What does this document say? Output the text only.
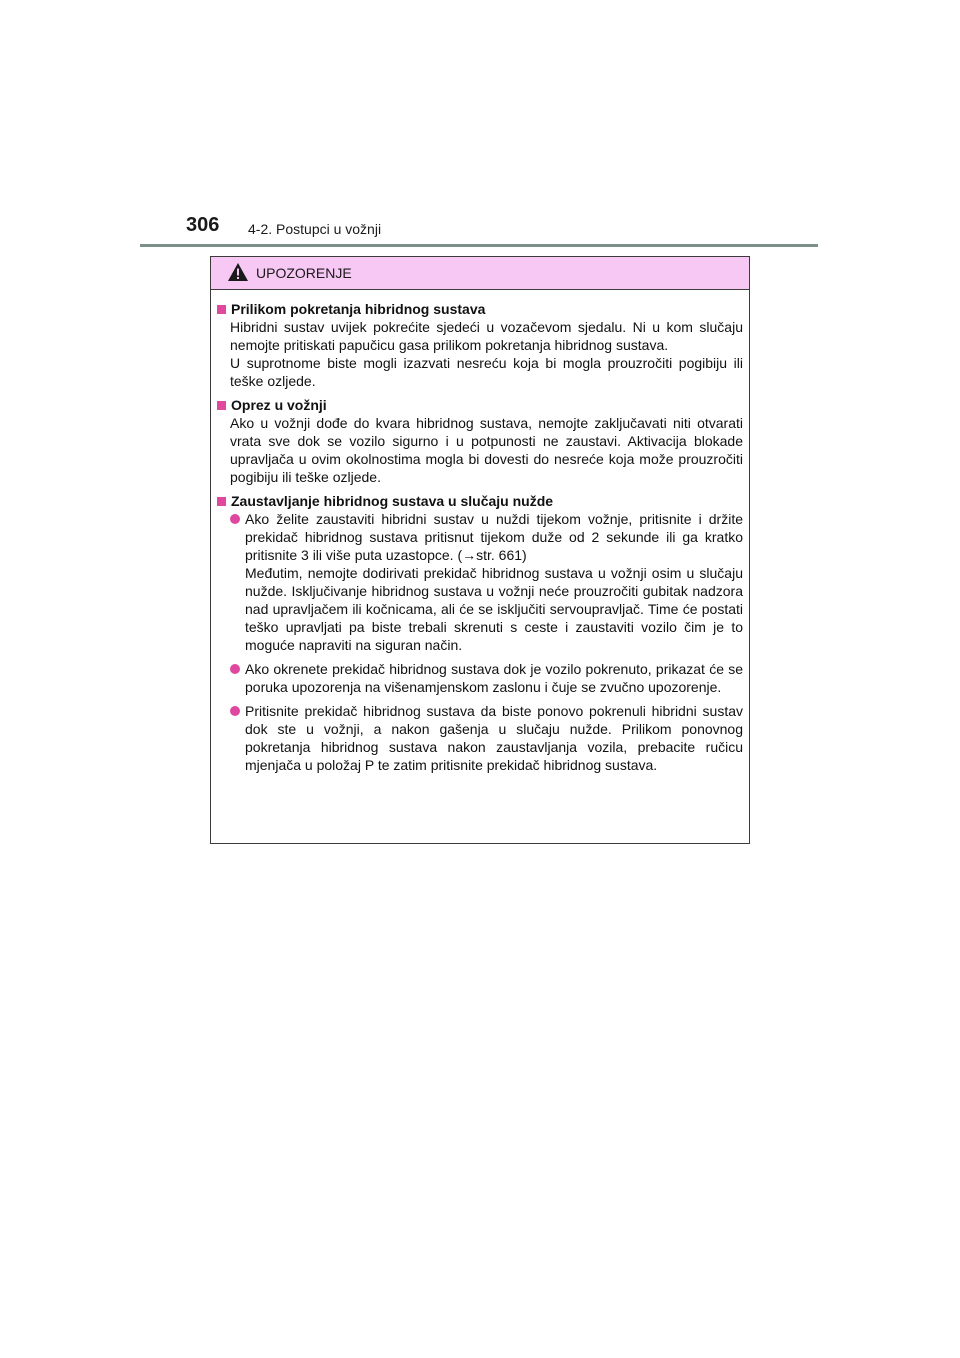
306 4-2. Postupci u vožnji
UPOZORENJE
Prilikom pokretanja hibridnog sustava
Hibridni sustav uvijek pokrećite sjedeći u vozačevom sjedalu. Ni u kom slučaju nemojte pritiskati papučicu gasa prilikom pokretanja hibridnog sustava.
U suprotnome biste mogli izazvati nesreću koja bi mogla prouzročiti pogibiju ili teške ozljede.
Oprez u vožnji
Ako u vožnji dođe do kvara hibridnog sustava, nemojte zaključavati niti otvarati vrata sve dok se vozilo sigurno i u potpunosti ne zaustavi. Aktivacija blokade upravljača u ovim okolnostima mogla bi dovesti do nesreće koja može prouzročiti pogibiju ili teške ozljede.
Zaustavljanje hibridnog sustava u slučaju nužde
Ako želite zaustaviti hibridni sustav u nuždi tijekom vožnje, pritisnite i držite prekidač hibridnog sustava pritisnut tijekom duže od 2 sekunde ili ga kratko pritisnite 3 ili više puta uzastopce. (→str. 661)
Međutim, nemojte dodirivati prekidač hibridnog sustava u vožnji osim u slučaju nužde. Isključivanje hibridnog sustava u vožnji neće prouzročiti gubitak nadzora nad upravljačem ili kočnicama, ali će se isključiti servoupravljač. Time će postati teško upravljati pa biste trebali skrenuti s ceste i zaustaviti vozilo čim je to moguće napraviti na siguran način.
Ako okrenete prekidač hibridnog sustava dok je vozilo pokrenuto, prikazat će se poruka upozorenja na višenamjenskom zaslonu i čuje se zvučno upozorenje.
Pritisnite prekidač hibridnog sustava da biste ponovo pokrenuli hibridni sustav dok ste u vožnji, a nakon gašenja u slučaju nužde. Prilikom ponovnog pokretanja hibridnog sustava nakon zaustavljanja vozila, prebacite ručicu mjenjača u položaj P te zatim pritisnite prekidač hibridnog sustava.
